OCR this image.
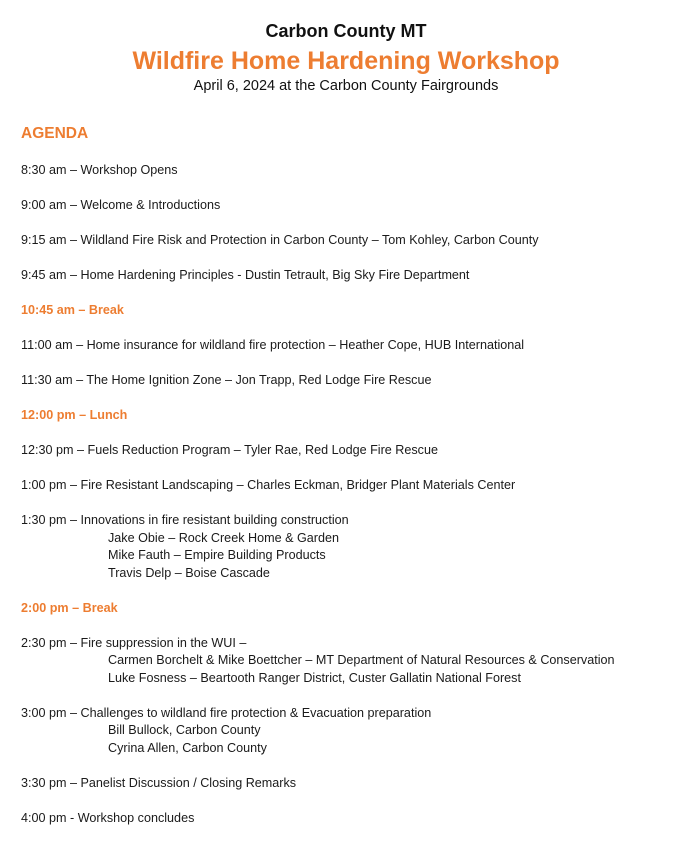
Carbon County MT
Wildfire Home Hardening Workshop
April 6, 2024 at the Carbon County Fairgrounds
AGENDA
8:30 am – Workshop Opens
9:00 am – Welcome & Introductions
9:15 am – Wildland Fire Risk and Protection in Carbon County – Tom Kohley, Carbon County
9:45 am – Home Hardening Principles - Dustin Tetrault, Big Sky Fire Department
10:45 am – Break
11:00 am – Home insurance for wildland fire protection – Heather Cope, HUB International
11:30 am – The Home Ignition Zone – Jon Trapp, Red Lodge Fire Rescue
12:00 pm – Lunch
12:30 pm – Fuels Reduction Program – Tyler Rae, Red Lodge Fire Rescue
1:00 pm – Fire Resistant Landscaping – Charles Eckman, Bridger Plant Materials Center
1:30 pm – Innovations in fire resistant building construction
Jake Obie – Rock Creek Home & Garden
Mike Fauth – Empire Building Products
Travis Delp – Boise Cascade
2:00 pm – Break
2:30 pm – Fire suppression in the WUI –
Carmen Borchelt & Mike Boettcher – MT Department of Natural Resources & Conservation
Luke Fosness – Beartooth Ranger District, Custer Gallatin National Forest
3:00 pm – Challenges to wildland fire protection & Evacuation preparation
Bill Bullock, Carbon County
Cyrina Allen, Carbon County
3:30 pm – Panelist Discussion / Closing Remarks
4:00 pm - Workshop concludes
